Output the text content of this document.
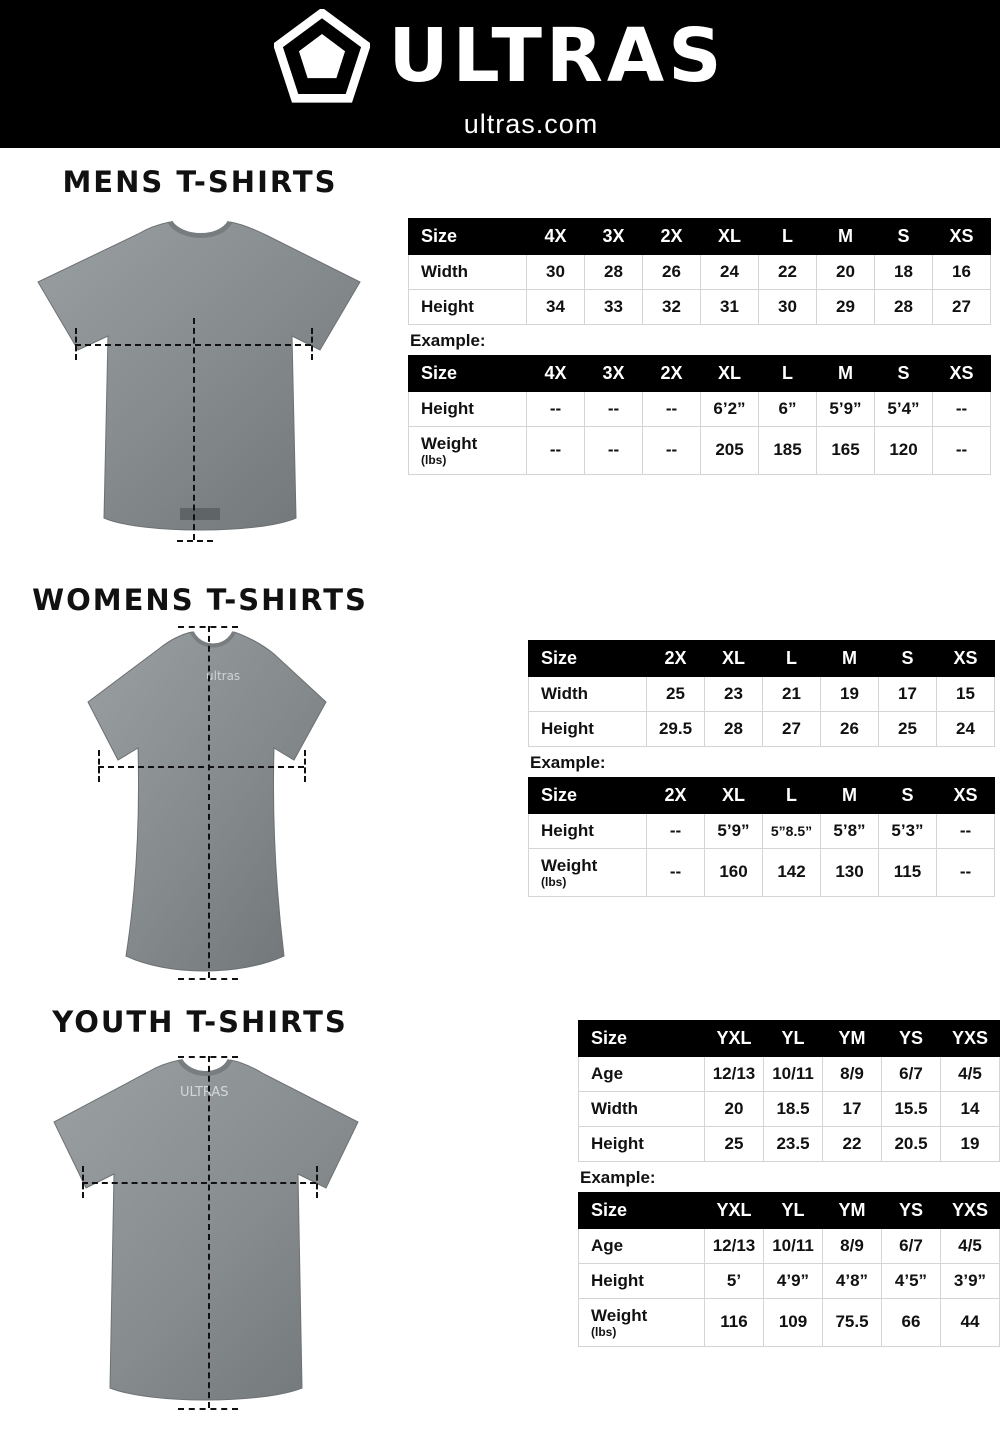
ULTRAS
ultras.com
MENS T-SHIRTS
Size	4X	3X	2X	XL	L	M	S	XS
Width	30	28	26	24	22	20	18	16
Height	34	33	32	31	30	29	28	27
Example:
Size	4X	3X	2X	XL	L	M	S	XS
Height	--	--	--	6’2”	6”	5’9”	5’4”	--
Weight
(lbs)	--	--	--	205	185	165	120	--
WOMENS T-SHIRTS
ultras
Size	2X	XL	L	M	S	XS
Width	25	23	21	19	17	15
Height	29.5	28	27	26	25	24
Example:
Size	2X	XL	L	M	S	XS
Height	--	5’9”	5”8.5”	5’8”	5’3”	--
Weight
(lbs)	--	160	142	130	115	--
YOUTH T-SHIRTS
ULTRAS
Size	YXL	YL	YM	YS	YXS
Age	12/13	10/11	8/9	6/7	4/5
Width	20	18.5	17	15.5	14
Height	25	23.5	22	20.5	19
Example:
Size	YXL	YL	YM	YS	YXS
Age	12/13	10/11	8/9	6/7	4/5
Height	5’	4’9”	4’8”	4’5”	3’9”
Weight
(lbs)	116	109	75.5	66	44
